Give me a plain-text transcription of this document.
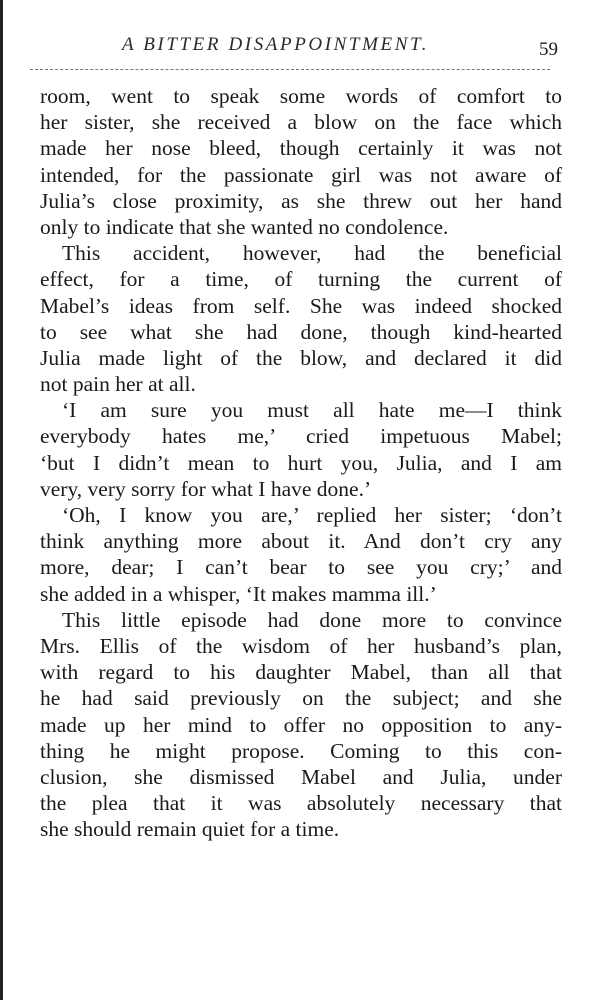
A BITTER DISAPPOINTMENT.	59
room, went to speak some words of comfort to
her sister, she received a blow on the face which
made her nose bleed, though certainly it was not
intended, for the passionate girl was not aware of
Julia’s close proximity, as she threw out her hand
only to indicate that she wanted no condolence.
This accident, however, had the beneficial
effect, for a time, of turning the current of
Mabel’s ideas from self. She was indeed shocked
to see what she had done, though kind-hearted
Julia made light of the blow, and declared it did
not pain her at all.
‘I am sure you must all hate me—I think
everybody hates me,’ cried impetuous Mabel;
‘but I didn’t mean to hurt you, Julia, and I am
very, very sorry for what I have done.’
‘Oh, I know you are,’ replied her sister; ‘don’t
think anything more about it. And don’t cry any
more, dear; I can’t bear to see you cry;’ and
she added in a whisper, ‘It makes mamma ill.’
This little episode had done more to convince
Mrs. Ellis of the wisdom of her husband’s plan,
with regard to his daughter Mabel, than all that
he had said previously on the subject; and she
made up her mind to offer no opposition to any-
thing he might propose. Coming to this con-
clusion, she dismissed Mabel and Julia, under
the plea that it was absolutely necessary that
she should remain quiet for a time.
